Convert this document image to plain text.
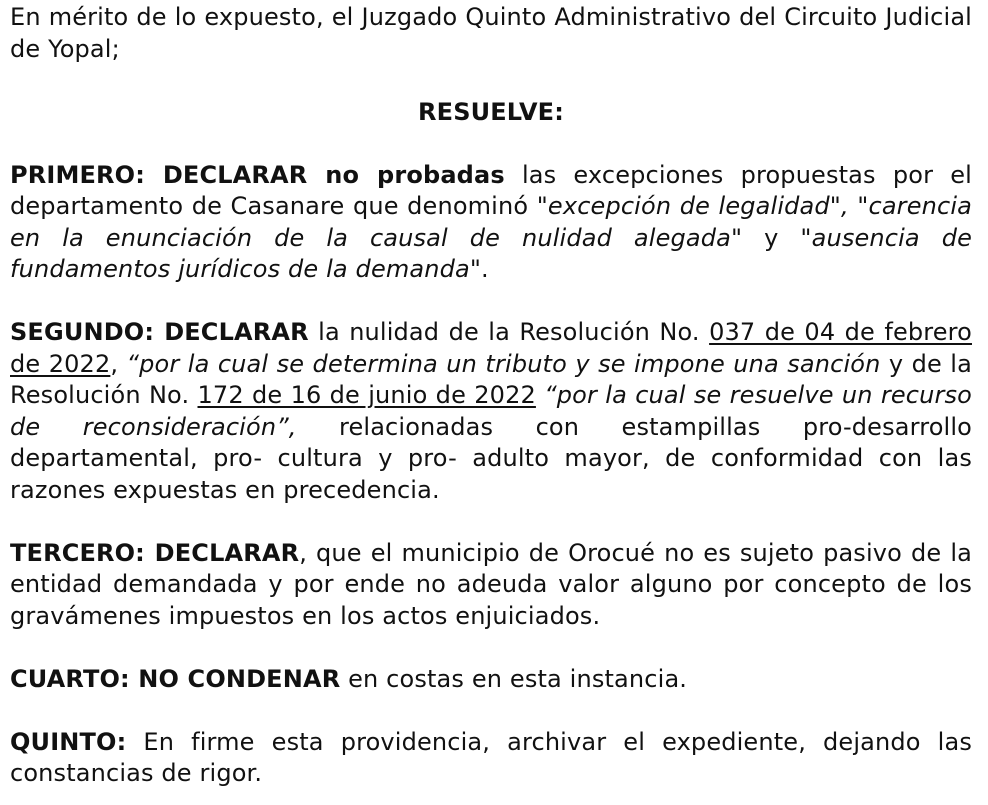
En mérito de lo expuesto, el Juzgado Quinto Administrativo del Circuito Judicial de Yopal;

RESUELVE:

PRIMERO: DECLARAR no probadas las excepciones propuestas por el departamento de Casanare que denominó "excepción de legalidad", "carencia en la enunciación de la causal de nulidad alegada" y "ausencia de fundamentos jurídicos de la demanda".

SEGUNDO: DECLARAR la nulidad de la Resolución No. 037 de 04 de febrero de 2022, “por la cual se determina un tributo y se impone una sanción y de la Resolución No. 172 de 16 de junio de 2022 “por la cual se resuelve un recurso de reconsideración”, relacionadas con estampillas pro-desarrollo departamental, pro- cultura y pro- adulto mayor, de conformidad con las razones expuestas en precedencia.

TERCERO: DECLARAR, que el municipio de Orocué no es sujeto pasivo de la entidad demandada y por ende no adeuda valor alguno por concepto de los gravámenes impuestos en los actos enjuiciados.

CUARTO: NO CONDENAR en costas en esta instancia.

QUINTO: En firme esta providencia, archivar el expediente, dejando las constancias de rigor.
